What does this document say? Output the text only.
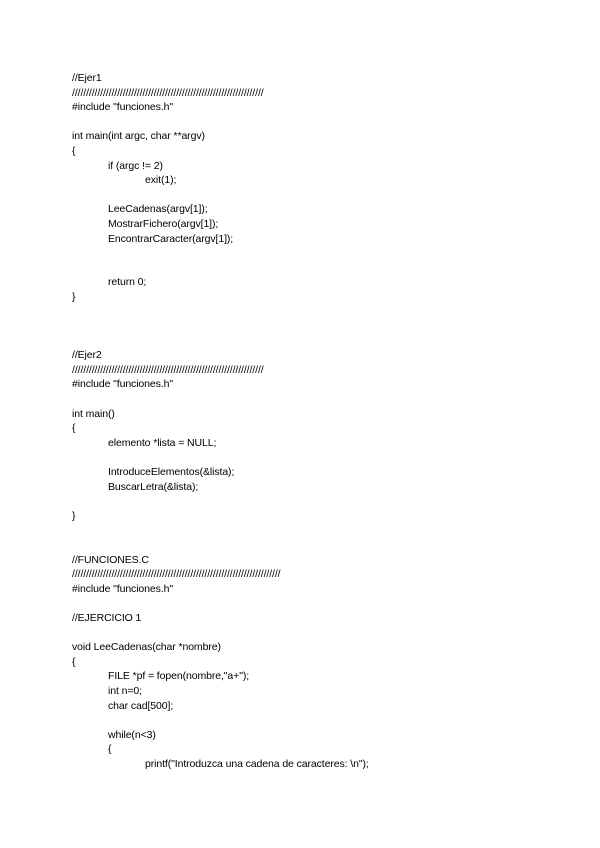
//Ejer1
////////////////////////////////////////////////////////////////////
#include "funciones.h"
int main(int argc, char **argv)
{
if (argc != 2)
exit(1);
LeeCadenas(argv[1]);
MostrarFichero(argv[1]);
EncontrarCaracter(argv[1]);
return 0;
}
//Ejer2
////////////////////////////////////////////////////////////////////
#include "funciones.h"
int main()
{
elemento *lista = NULL;
IntroduceElementos(&lista);
BuscarLetra(&lista);
}
//FUNCIONES.C
//////////////////////////////////////////////////////////////////////////
#include "funciones.h"
//EJERCICIO 1
void LeeCadenas(char *nombre)
{
FILE *pf = fopen(nombre,"a+");
int n=0;
char cad[500];
while(n<3)
{
printf("Introduzca una cadena de caracteres: \n");
